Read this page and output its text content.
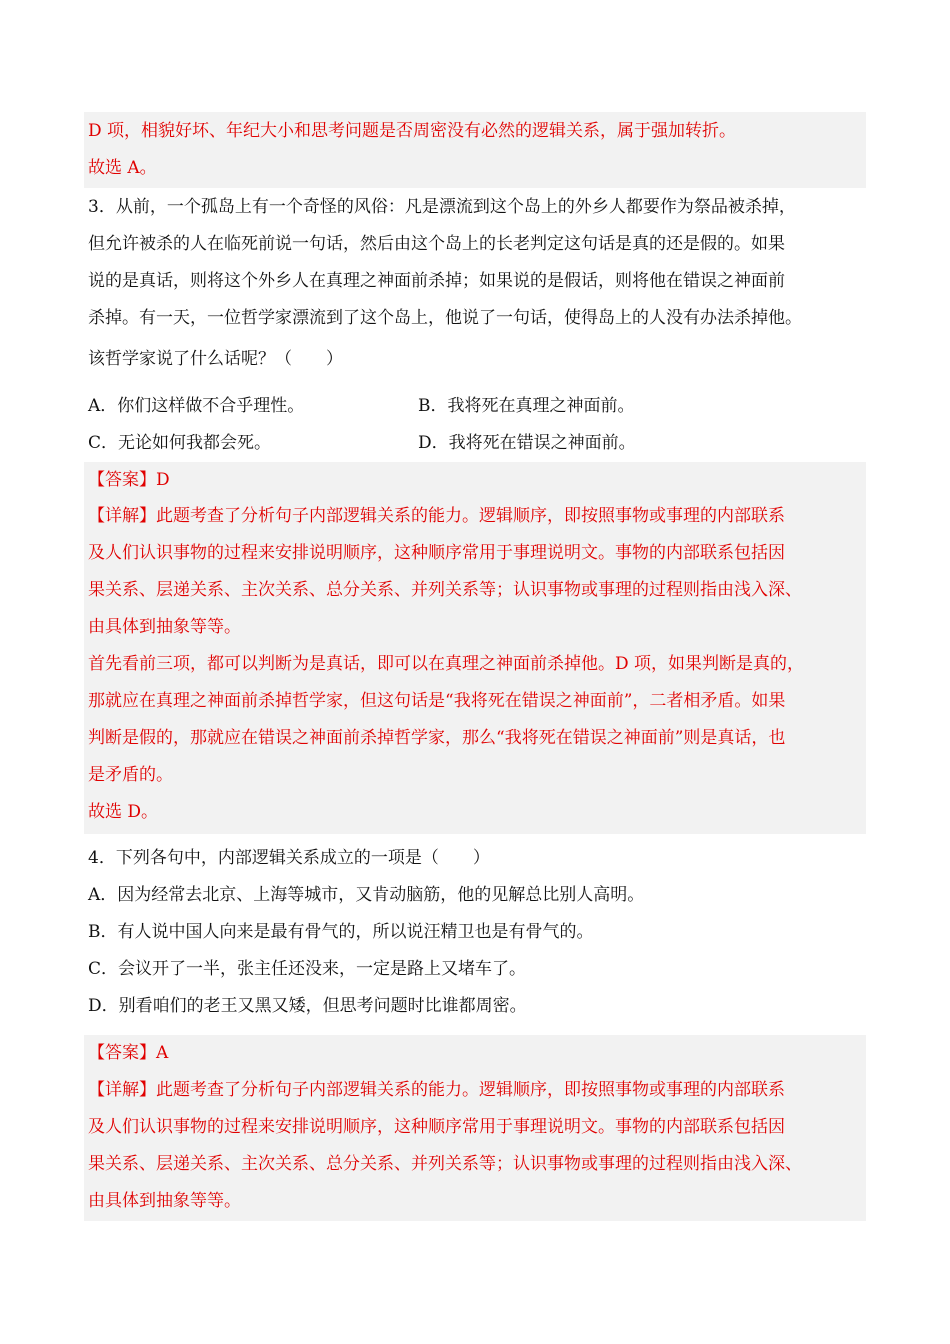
D 项，相貌好坏、年纪大小和思考问题是否周密没有必然的逻辑关系，属于强加转折。

故选 A。

3．从前，一个孤岛上有一个奇怪的风俗：凡是漂流到这个岛上的外乡人都要作为祭品被杀掉，

但允许被杀的人在临死前说一句话，然后由这个岛上的长老判定这句话是真的还是假的。如果

说的是真话，则将这个外乡人在真理之神面前杀掉；如果说的是假话，则将他在错误之神面前

杀掉。有一天，一位哲学家漂流到了这个岛上，他说了一句话，使得岛上的人没有办法杀掉他。

该哲学家说了什么话呢？（　　）

A．你们这样做不合乎理性。	B．我将死在真理之神面前。
C．无论如何我都会死。	D．我将死在错误之神面前。

【答案】D

【详解】此题考查了分析句子内部逻辑关系的能力。逻辑顺序，即按照事物或事理的内部联系

及人们认识事物的过程来安排说明顺序，这种顺序常用于事理说明文。事物的内部联系包括因

果关系、层递关系、主次关系、总分关系、并列关系等；认识事物或事理的过程则指由浅入深、

由具体到抽象等等。

首先看前三项，都可以判断为是真话，即可以在真理之神面前杀掉他。D 项，如果判断是真的，

那就应在真理之神面前杀掉哲学家，但这句话是“我将死在错误之神面前”，二者相矛盾。如果

判断是假的，那就应在错误之神面前杀掉哲学家，那么“我将死在错误之神面前”则是真话，也

是矛盾的。

故选 D。

4．下列各句中，内部逻辑关系成立的一项是（　　）

A．因为经常去北京、上海等城市，又肯动脑筋，他的见解总比别人高明。

B．有人说中国人向来是最有骨气的，所以说汪精卫也是有骨气的。

C．会议开了一半，张主任还没来，一定是路上又堵车了。

D．别看咱们的老王又黑又矮，但思考问题时比谁都周密。

【答案】A

【详解】此题考查了分析句子内部逻辑关系的能力。逻辑顺序，即按照事物或事理的内部联系

及人们认识事物的过程来安排说明顺序，这种顺序常用于事理说明文。事物的内部联系包括因

果关系、层递关系、主次关系、总分关系、并列关系等；认识事物或事理的过程则指由浅入深、

由具体到抽象等等。
